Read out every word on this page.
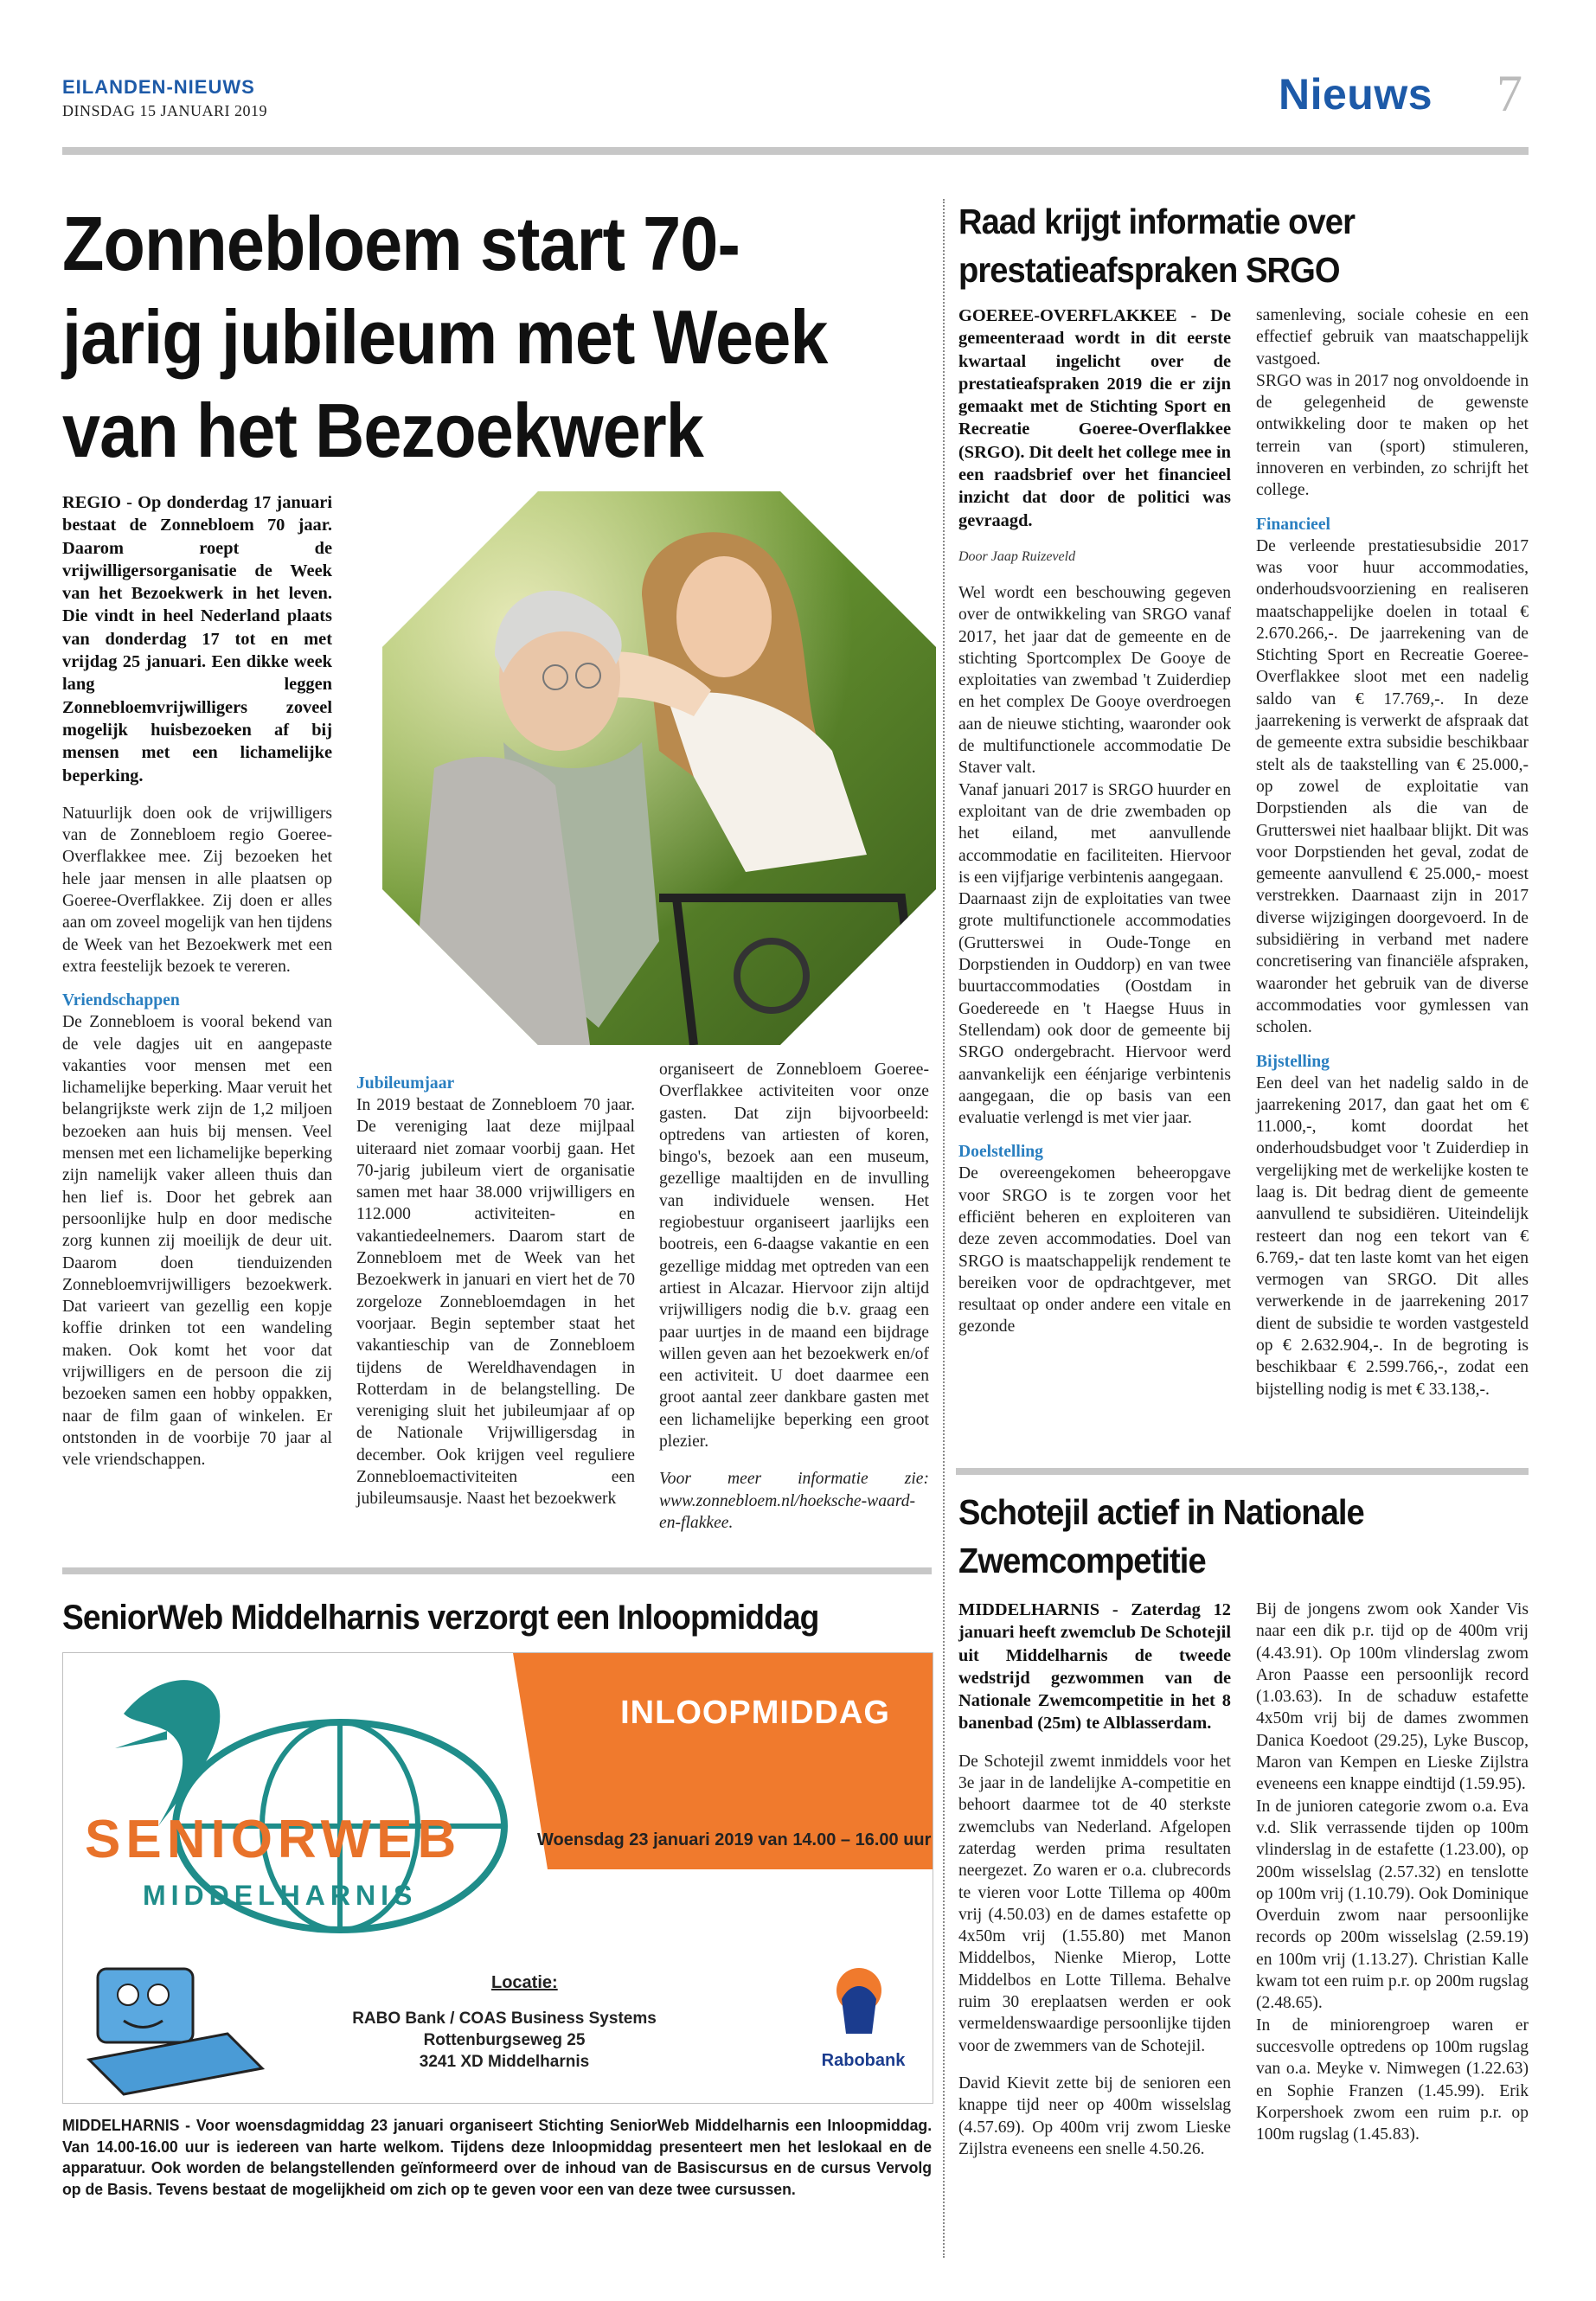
EILANDEN-NIEUWS
DINSDAG 15 JANUARI 2019	Nieuws 7
Zonnebloem start 70-jarig jubileum met Week van het Bezoekwerk
REGIO - Op donderdag 17 januari bestaat de Zonnebloem 70 jaar. Daarom roept de vrijwilligersorganisatie de Week van het Bezoekwerk in het leven. Die vindt in heel Nederland plaats van donderdag 17 tot en met vrijdag 25 januari. Een dikke week lang leggen Zonnebloemvrijwilligers zoveel mogelijk huisbezoeken af bij mensen met een lichamelijke beperking.
Natuurlijk doen ook de vrijwilligers van de Zonnebloem regio Goeree-Overflakkee mee. Zij bezoeken het hele jaar mensen in alle plaatsen op Goeree-Overflakkee. Zij doen er alles aan om zoveel mogelijk van hen tijdens de Week van het Bezoekwerk met een extra feestelijk bezoek te vereren.
Vriendschappen
De Zonnebloem is vooral bekend van de vele dagjes uit en aangepaste vakanties voor mensen met een lichamelijke beperking. Maar veruit het belangrijkste werk zijn de 1,2 miljoen bezoeken aan huis bij mensen. Veel mensen met een lichamelijke beperking zijn namelijk vaker alleen thuis dan hen lief is. Door het gebrek aan persoonlijke hulp en door medische zorg kunnen zij moeilijk de deur uit. Daarom doen tienduizenden Zonnebloemvrijwilligers bezoekwerk. Dat varieert van gezellig een kopje koffie drinken tot een wandeling maken. Ook komt het voor dat vrijwilligers en de persoon die zij bezoeken samen een hobby oppakken, naar de film gaan of winkelen. Er ontstonden in de voorbije 70 jaar al vele vriendschappen.
Jubileumjaar
In 2019 bestaat de Zonnebloem 70 jaar. De vereniging laat deze mijlpaal uiteraard niet zomaar voorbij gaan. Het 70-jarig jubileum viert de organisatie samen met haar 38.000 vrijwilligers en 112.000 activiteiten- en vakantiedeelnemers. Daarom start de Zonnebloem met de Week van het Bezoekwerk in januari en viert het de 70 zorgeloze Zonnebloemdagen in het voorjaar. Begin september staat het vakantieschip van de Zonnebloem tijdens de Wereldhavendagen in Rotterdam in de belangstelling. De vereniging sluit het jubileumjaar af op de Nationale Vrijwilligersdag in december. Ook krijgen veel reguliere Zonnebloemactiviteiten een jubileumsausje. Naast het bezoekwerk
organiseert de Zonnebloem Goeree-Overflakkee activiteiten voor onze gasten. Dat zijn bijvoorbeeld: optredens van artiesten of koren, bingo's, bezoek aan een museum, gezellige maaltijden en de invulling van individuele wensen. Het regiobestuur organiseert jaarlijks een bootreis, een 6-daagse vakantie en een gezellige middag met optreden van een artiest in Alcazar. Hiervoor zijn altijd vrijwilligers nodig die b.v. graag een paar uurtjes in de maand een bijdrage willen geven aan het bezoekwerk en/of een activiteit. U doet daarmee een groot aantal zeer dankbare gasten met een lichamelijke beperking een groot plezier.
Voor meer informatie zie: www.zonnebloem.nl/hoeksche-waard-en-flakkee.
SeniorWeb Middelharnis verzorgt een Inloopmiddag
INLOOPMIDDAG
SENIORWEB
MIDDELHARNIS
Woensdag 23 januari 2019 van 14.00 – 16.00 uur
Locatie:
RABO Bank / COAS Business Systems
Rottenburgseweg 25
3241 XD Middelharnis	Rabobank
MIDDELHARNIS - Voor woensdagmiddag 23 januari organiseert Stichting SeniorWeb Middelharnis een Inloopmiddag. Van 14.00-16.00 uur is iedereen van harte welkom. Tijdens deze Inloopmiddag presenteert men het leslokaal en de apparatuur. Ook worden de belangstellenden geïnformeerd over de inhoud van de Basiscursus en de cursus Vervolg op de Basis. Tevens bestaat de mogelijkheid om zich op te geven voor een van deze twee cursussen.
Raad krijgt informatie over prestatieafspraken SRGO
GOEREE-OVERFLAKKEE - De gemeenteraad wordt in dit eerste kwartaal ingelicht over de prestatieafspraken 2019 die er zijn gemaakt met de Stichting Sport en Recreatie Goeree-Overflakkee (SRGO). Dit deelt het college mee in een raadsbrief over het financieel inzicht dat door de politici was gevraagd.
Door Jaap Ruizeveld
Wel wordt een beschouwing gegeven over de ontwikkeling van SRGO vanaf 2017, het jaar dat de gemeente en de stichting Sportcomplex De Gooye de exploitaties van zwembad 't Zuiderdiep en het complex De Gooye overdroegen aan de nieuwe stichting, waaronder ook de multifunctionele accommodatie De Staver valt.
Vanaf januari 2017 is SRGO huurder en exploitant van de drie zwembaden op het eiland, met aanvullende accommodatie en faciliteiten. Hiervoor is een vijfjarige verbintenis aangegaan.
Daarnaast zijn de exploitaties van twee grote multifunctionele accommodaties (Grutterswei in Oude-Tonge en Dorpstienden in Ouddorp) en van twee buurtaccommodaties (Oostdam in Goedereede en 't Haegse Huus in Stellendam) ook door de gemeente bij SRGO ondergebracht. Hiervoor werd aanvankelijk een éénjarige verbintenis aangegaan, die op basis van een evaluatie verlengd is met vier jaar.
Doelstelling
De overeengekomen beheeropgave voor SRGO is te zorgen voor het efficiënt beheren en exploiteren van deze zeven accommodaties. Doel van SRGO is maatschappelijk rendement te bereiken voor de opdrachtgever, met resultaat op onder andere een vitale en gezonde
samenleving, sociale cohesie en een effectief gebruik van maatschappelijk vastgoed.
SRGO was in 2017 nog onvoldoende in de gelegenheid de gewenste ontwikkeling door te maken op het terrein van (sport) stimuleren, innoveren en verbinden, zo schrijft het college.
Financieel
De verleende prestatiesubsidie 2017 was voor huur accommodaties, onderhoudsvoorziening en realiseren maatschappelijke doelen in totaal € 2.670.266,-. De jaarrekening van de Stichting Sport en Recreatie Goeree-Overflakkee sloot met een nadelig saldo van € 17.769,-. In deze jaarrekening is verwerkt de afspraak dat de gemeente extra subsidie beschikbaar stelt als de taakstelling van € 25.000,- op zowel de exploitatie van Dorpstienden als die van de Grutterswei niet haalbaar blijkt. Dit was voor Dorpstienden het geval, zodat de gemeente aanvullend € 25.000,- moest verstrekken. Daarnaast zijn in 2017 diverse wijzigingen doorgevoerd. In de subsidiëring in verband met nadere concretisering van financiële afspraken, waaronder het gebruik van de diverse accommodaties voor gymlessen van scholen.
Bijstelling
Een deel van het nadelig saldo in de jaarrekening 2017, dan gaat het om € 11.000,-, komt doordat het onderhoudsbudget voor 't Zuiderdiep in vergelijking met de werkelijke kosten te laag is. Dit bedrag dient de gemeente aanvullend te subsidiëren. Uiteindelijk resteert dan nog een tekort van € 6.769,- dat ten laste komt van het eigen vermogen van SRGO. Dit alles verwerkende in de jaarrekening 2017 dient de subsidie te worden vastgesteld op € 2.632.904,-. In de begroting is beschikbaar € 2.599.766,-, zodat een bijstelling nodig is met € 33.138,-.
Schotejil actief in Nationale Zwemcompetitie
MIDDELHARNIS - Zaterdag 12 januari heeft zwemclub De Schotejil uit Middelharnis de tweede wedstrijd gezwommen van de Nationale Zwemcompetitie in het 8 banenbad (25m) te Alblasserdam.
De Schotejil zwemt inmiddels voor het 3e jaar in de landelijke A-competitie en behoort daarmee tot de 40 sterkste zwemclubs van Nederland. Afgelopen zaterdag werden prima resultaten neergezet. Zo waren er o.a. clubrecords te vieren voor Lotte Tillema op 400m vrij (4.50.03) en de dames estafette op 4x50m vrij (1.55.80) met Manon Middelbos, Nienke Mierop, Lotte Middelbos en Lotte Tillema. Behalve ruim 30 ereplaatsen werden er ook vermeldenswaardige persoonlijke tijden voor de zwemmers van de Schotejil.
David Kievit zette bij de senioren een knappe tijd neer op 400m wisselslag (4.57.69). Op 400m vrij zwom Lieske Zijlstra eveneens een snelle 4.50.26.
Bij de jongens zwom ook Xander Vis naar een dik p.r. tijd op de 400m vrij (4.43.91). Op 100m vlinderslag zwom Aron Paasse een persoonlijk record (1.03.63). In de schaduw estafette 4x50m vrij bij de dames zwommen Danica Koedoot (29.25), Lyke Buscop, Maron van Kempen en Lieske Zijlstra eveneens een knappe eindtijd (1.59.95).
In de junioren categorie zwom o.a. Eva v.d. Slik verrassende tijden op 100m vlinderslag in de estafette (1.23.00), op 200m wisselslag (2.57.32) en tenslotte op 100m vrij (1.10.79). Ook Dominique Overduin zwom naar persoonlijke records op 200m wisselslag (2.59.19) en 100m vrij (1.13.27). Christian Kalle kwam tot een ruim p.r. op 200m rugslag (2.48.65).
In de miniorengroep waren er succesvolle optredens op 100m rugslag van o.a. Meyke v. Nimwegen (1.22.63) en Sophie Franzen (1.45.99). Erik Korpershoek zwom een ruim p.r. op 100m rugslag (1.45.83).
